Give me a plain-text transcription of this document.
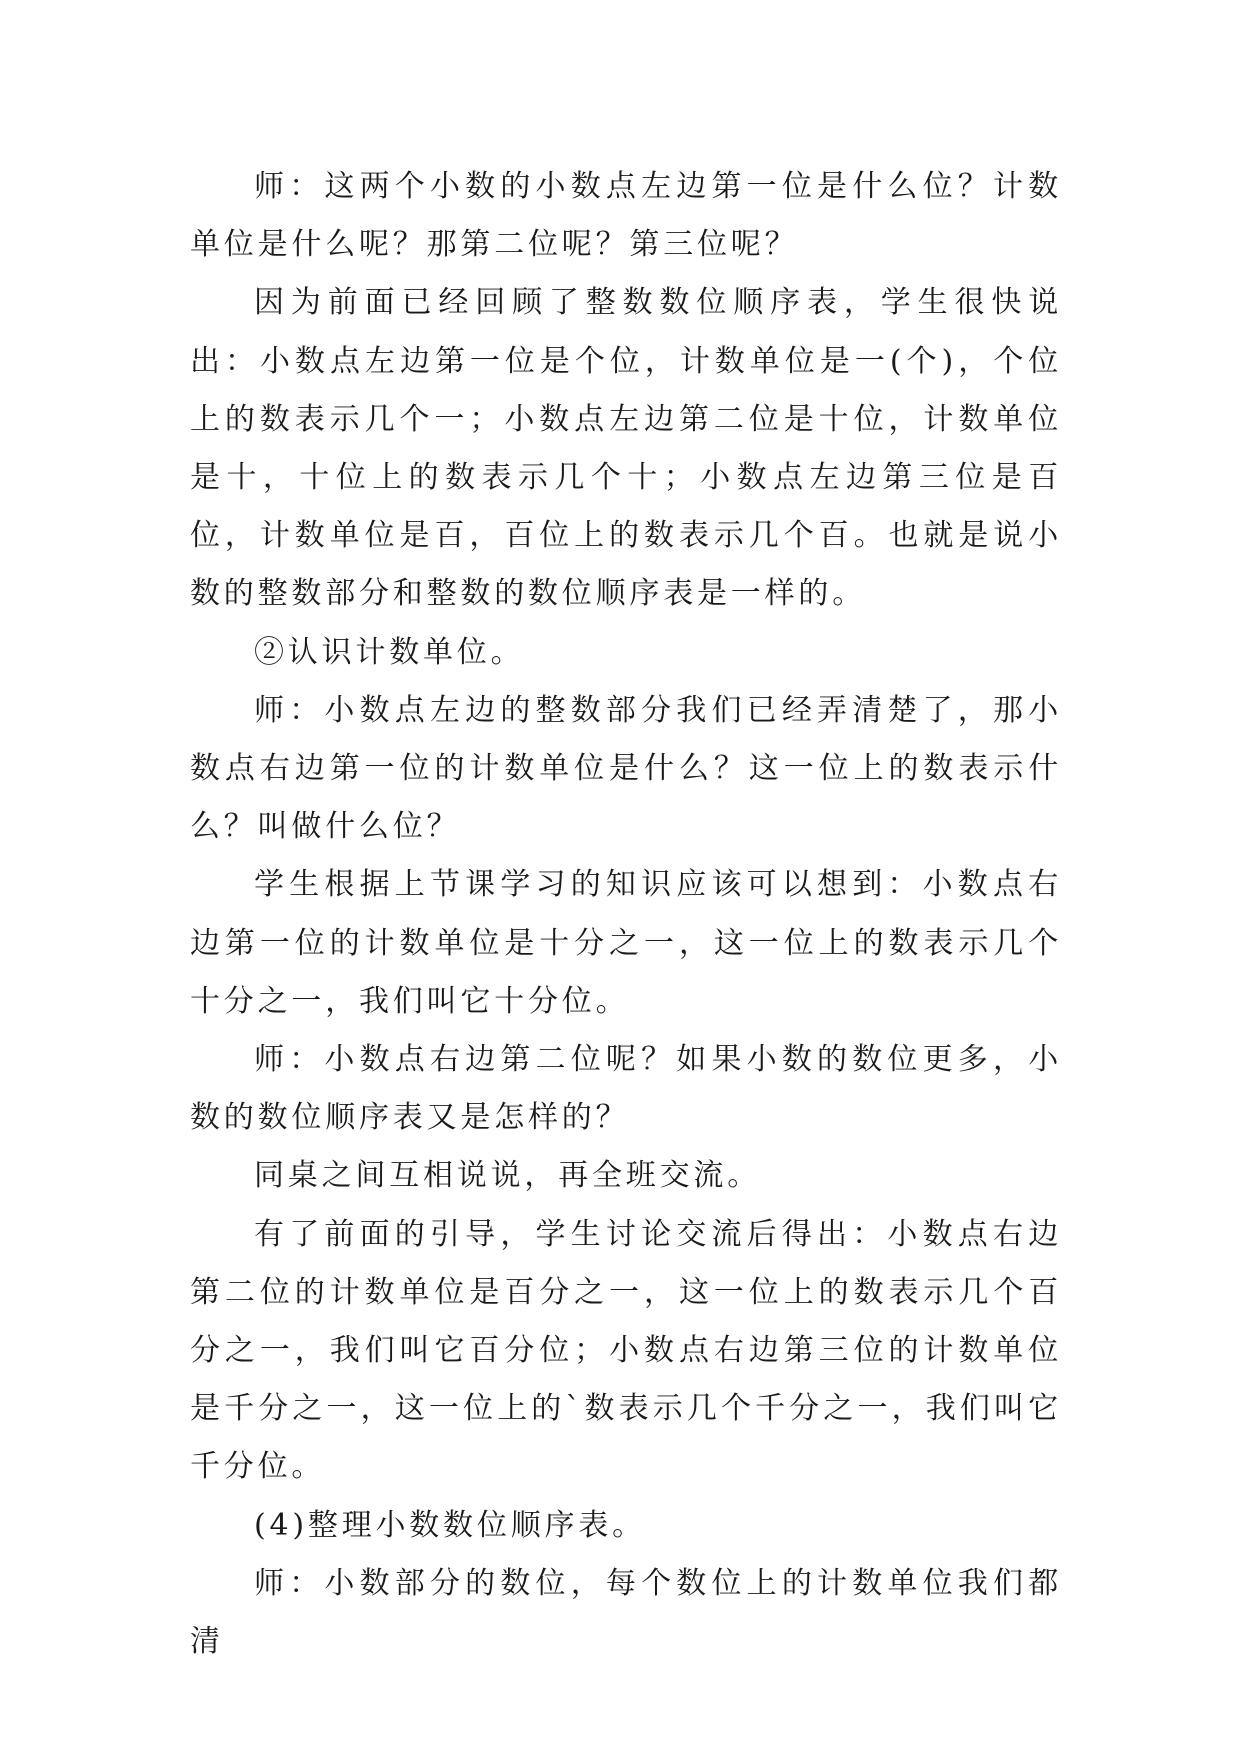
师：这两个小数的小数点左边第一位是什么位？计数单位是什么呢？那第二位呢？第三位呢？

因为前面已经回顾了整数数位顺序表，学生很快说出：小数点左边第一位是个位，计数单位是一(个)，个位上的数表示几个一；小数点左边第二位是十位，计数单位是十，十位上的数表示几个十；小数点左边第三位是百位，计数单位是百，百位上的数表示几个百。也就是说小数的整数部分和整数的数位顺序表是一样的。

②认识计数单位。

师：小数点左边的整数部分我们已经弄清楚了，那小数点右边第一位的计数单位是什么？这一位上的数表示什么？叫做什么位？

学生根据上节课学习的知识应该可以想到：小数点右边第一位的计数单位是十分之一，这一位上的数表示几个十分之一，我们叫它十分位。

师：小数点右边第二位呢？如果小数的数位更多，小数的数位顺序表又是怎样的？

同桌之间互相说说，再全班交流。

有了前面的引导，学生讨论交流后得出：小数点右边第二位的计数单位是百分之一，这一位上的数表示几个百分之一，我们叫它百分位；小数点右边第三位的计数单位是千分之一，这一位上的`数表示几个千分之一，我们叫它千分位。

(4)整理小数数位顺序表。

师：小数部分的数位，每个数位上的计数单位我们都清
